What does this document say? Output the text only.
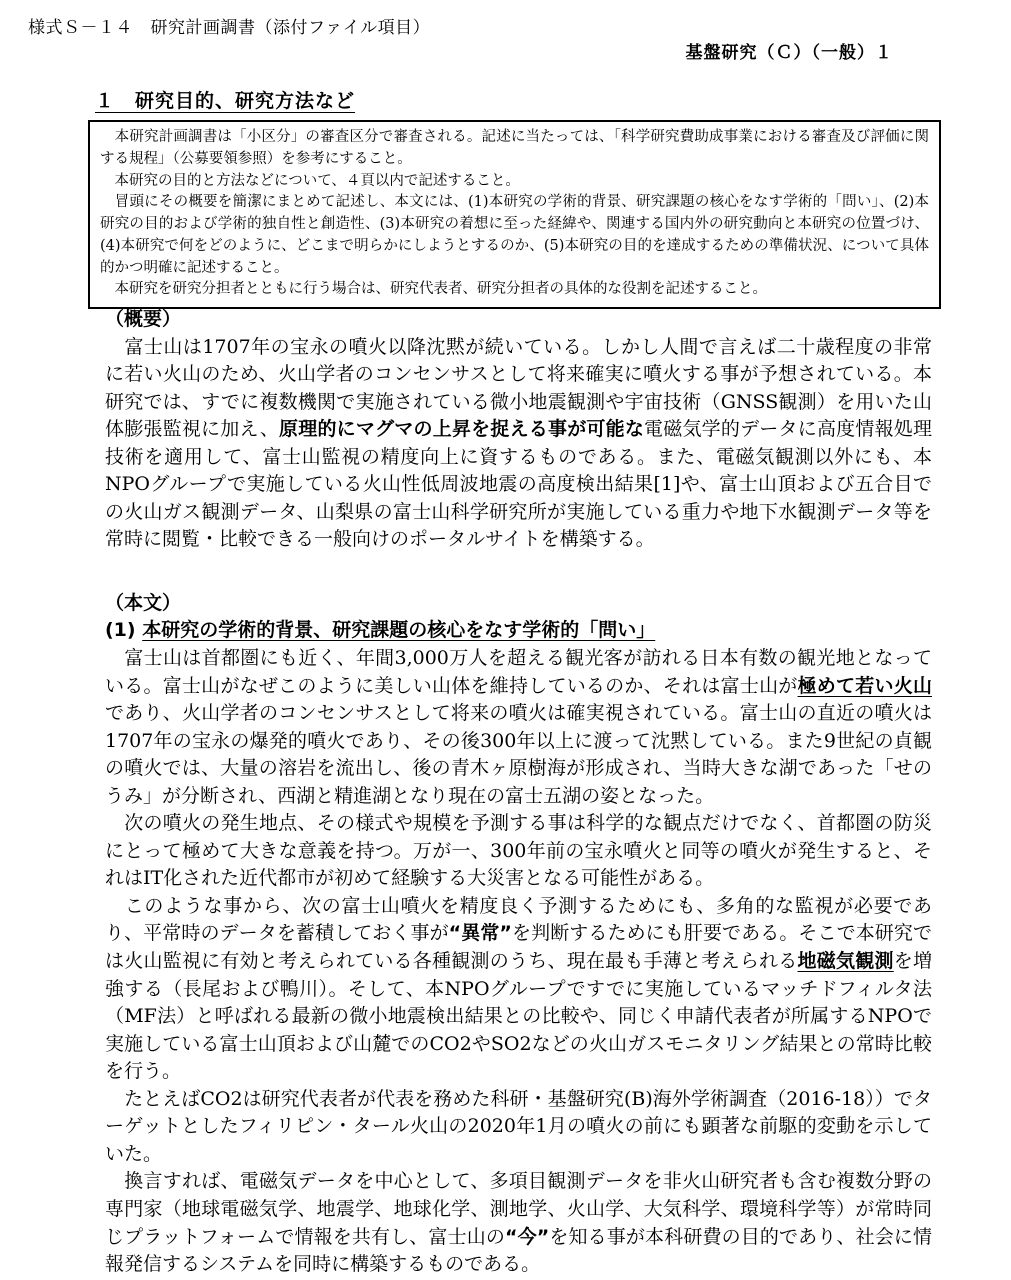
様式Ｓ－１４　研究計画調書（添付ファイル項目）
基盤研究（Ｃ）（一般）１
１　研究目的、研究方法など

　本研究計画調書は「小区分」の審査区分で審査される。記述に当たっては、「科学研究費助成事業における審査及び評価に関する規程」（公募要領参照）を参考にすること。

　本研究の目的と方法などについて、４頁以内で記述すること。

　冒頭にその概要を簡潔にまとめて記述し、本文には、(1)本研究の学術的背景、研究課題の核心をなす学術的「問い」、(2)本研究の目的および学術的独自性と創造性、(3)本研究の着想に至った経緯や、関連する国内外の研究動向と本研究の位置づけ、(4)本研究で何をどのように、どこまで明らかにしようとするのか、(5)本研究の目的を達成するための準備状況、について具体的かつ明確に記述すること。

　本研究を研究分担者とともに行う場合は、研究代表者、研究分担者の具体的な役割を記述すること。

（概要）

　富士山は1707年の宝永の噴火以降沈黙が続いている。しかし人間で言えば二十歳程度の非常に若い火山のため、火山学者のコンセンサスとして将来確実に噴火する事が予想されている。本研究では、すでに複数機関で実施されている微小地震観測や宇宙技術（GNSS観測）を用いた山体膨張監視に加え、原理的にマグマの上昇を捉える事が可能な電磁気学的データに高度情報処理技術を適用して、富士山監視の精度向上に資するものである。また、電磁気観測以外にも、本NPOグループで実施している火山性低周波地震の高度検出結果[1]や、富士山頂および五合目での火山ガス観測データ、山梨県の富士山科学研究所が実施している重力や地下水観測データ等を常時に閲覧・比較できる一般向けのポータルサイトを構築する。

（本文）

(1) 本研究の学術的背景、研究課題の核心をなす学術的「問い」

　富士山は首都圏にも近く、年間3,000万人を超える観光客が訪れる日本有数の観光地となっている。富士山がなぜこのように美しい山体を維持しているのか、それは富士山が極めて若い火山であり、火山学者のコンセンサスとして将来の噴火は確実視されている。富士山の直近の噴火は1707年の宝永の爆発的噴火であり、その後300年以上に渡って沈黙している。また9世紀の貞観の噴火では、大量の溶岩を流出し、後の青木ヶ原樹海が形成され、当時大きな湖であった「せのうみ」が分断され、西湖と精進湖となり現在の富士五湖の姿となった。

　次の噴火の発生地点、その様式や規模を予測する事は科学的な観点だけでなく、首都圏の防災にとって極めて大きな意義を持つ。万が一、300年前の宝永噴火と同等の噴火が発生すると、それはIT化された近代都市が初めて経験する大災害となる可能性がある。

　このような事から、次の富士山噴火を精度良く予測するためにも、多角的な監視が必要であり、平常時のデータを蓄積しておく事が“異常”を判断するためにも肝要である。そこで本研究では火山監視に有効と考えられている各種観測のうち、現在最も手薄と考えられる地磁気観測を増強する（長尾および鴨川）。そして、本NPOグループですでに実施しているマッチドフィルタ法（MF法）と呼ばれる最新の微小地震検出結果との比較や、同じく申請代表者が所属するNPOで実施している富士山頂および山麓でのCO2やSO2などの火山ガスモニタリング結果との常時比較を行う。

　たとえばCO2は研究代表者が代表を務めた科研・基盤研究(B)海外学術調査（2016-18））でターゲットとしたフィリピン・タール火山の2020年1月の噴火の前にも顕著な前駆的変動を示していた。

　換言すれば、電磁気データを中心として、多項目観測データを非火山研究者も含む複数分野の専門家（地球電磁気学、地震学、地球化学、測地学、火山学、大気科学、環境科学等）が常時同じプラットフォームで情報を共有し、富士山の“今”を知る事が本科研費の目的であり、社会に情報発信するシステムを同時に構築するものである。
